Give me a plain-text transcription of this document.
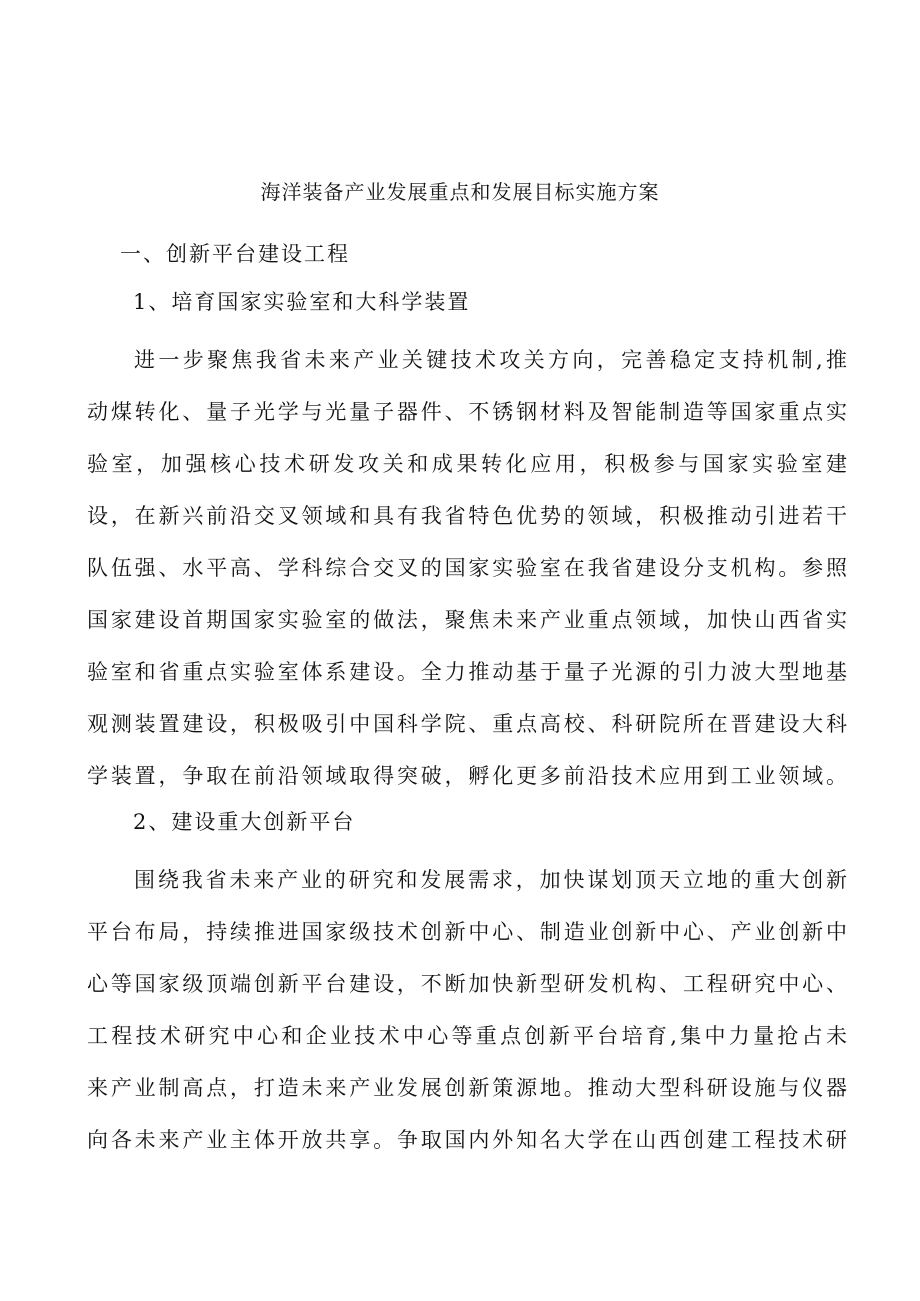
海洋装备产业发展重点和发展目标实施方案
一、创新平台建设工程
1、培育国家实验室和大科学装置
进一步聚焦我省未来产业关键技术攻关方向，完善稳定支持机制,推
动煤转化、量子光学与光量子器件、不锈钢材料及智能制造等国家重点实
验室，加强核心技术研发攻关和成果转化应用，积极参与国家实验室建
设，在新兴前沿交叉领域和具有我省特色优势的领域，积极推动引进若干
队伍强、水平高、学科综合交叉的国家实验室在我省建设分支机构。参照
国家建设首期国家实验室的做法，聚焦未来产业重点领域，加快山西省实
验室和省重点实验室体系建设。全力推动基于量子光源的引力波大型地基
观测装置建设，积极吸引中国科学院、重点高校、科研院所在晋建设大科
学装置，争取在前沿领域取得突破，孵化更多前沿技术应用到工业领域。
2、建设重大创新平台
围绕我省未来产业的研究和发展需求，加快谋划顶天立地的重大创新
平台布局，持续推进国家级技术创新中心、制造业创新中心、产业创新中
心等国家级顶端创新平台建设，不断加快新型研发机构、工程研究中心、
工程技术研究中心和企业技术中心等重点创新平台培育,集中力量抢占未
来产业制高点，打造未来产业发展创新策源地。推动大型科研设施与仪器
向各未来产业主体开放共享。争取国内外知名大学在山西创建工程技术研
